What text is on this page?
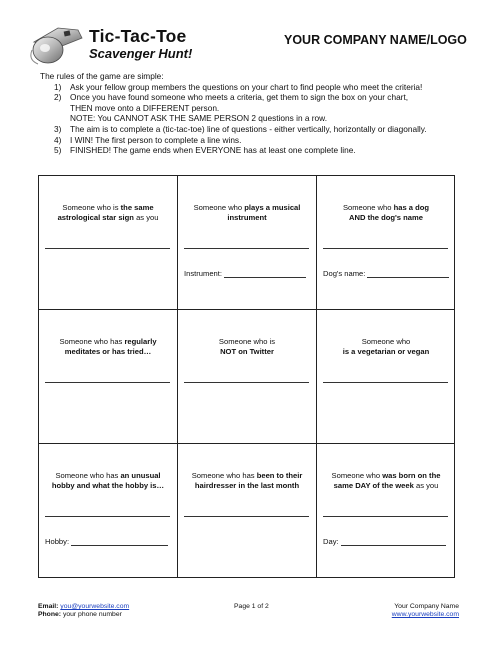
Tic-Tac-Toe
Scavenger Hunt!
YOUR COMPANY NAME/LOGO
The rules of the game are simple:
1) Ask your fellow group members the questions on your chart to find people who meet the criteria!
2) Once you have found someone who meets a criteria, get them to sign the box on your chart,
THEN move onto a DIFFERENT person.
NOTE: You CANNOT ASK THE SAME PERSON 2 questions in a row.
3) The aim is to complete a (tic-tac-toe) line of questions - either vertically, horizontally or diagonally.
4) I WIN! The first person to complete a line wins.
5) FINISHED! The game ends when EVERYONE has at least one complete line.
Someone who is the same
astrological star sign as you
Someone who plays a musical
instrument
Instrument:
Someone who has a dog
AND the dog's name
Dog's name:
Someone who has regularly
meditates or has tried…
Someone who is
NOT on Twitter
Someone who
is a vegetarian or vegan
Someone who has an unusual
hobby and what the hobby is…
Hobby:
Someone who has been to their
hairdresser in the last month
Someone who was born on the
same DAY of the week as you
Day:
Email: you@yourwebsite.com
Phone: your phone number
Page 1 of 2	Your Company Name
www.yourwebsite.com
